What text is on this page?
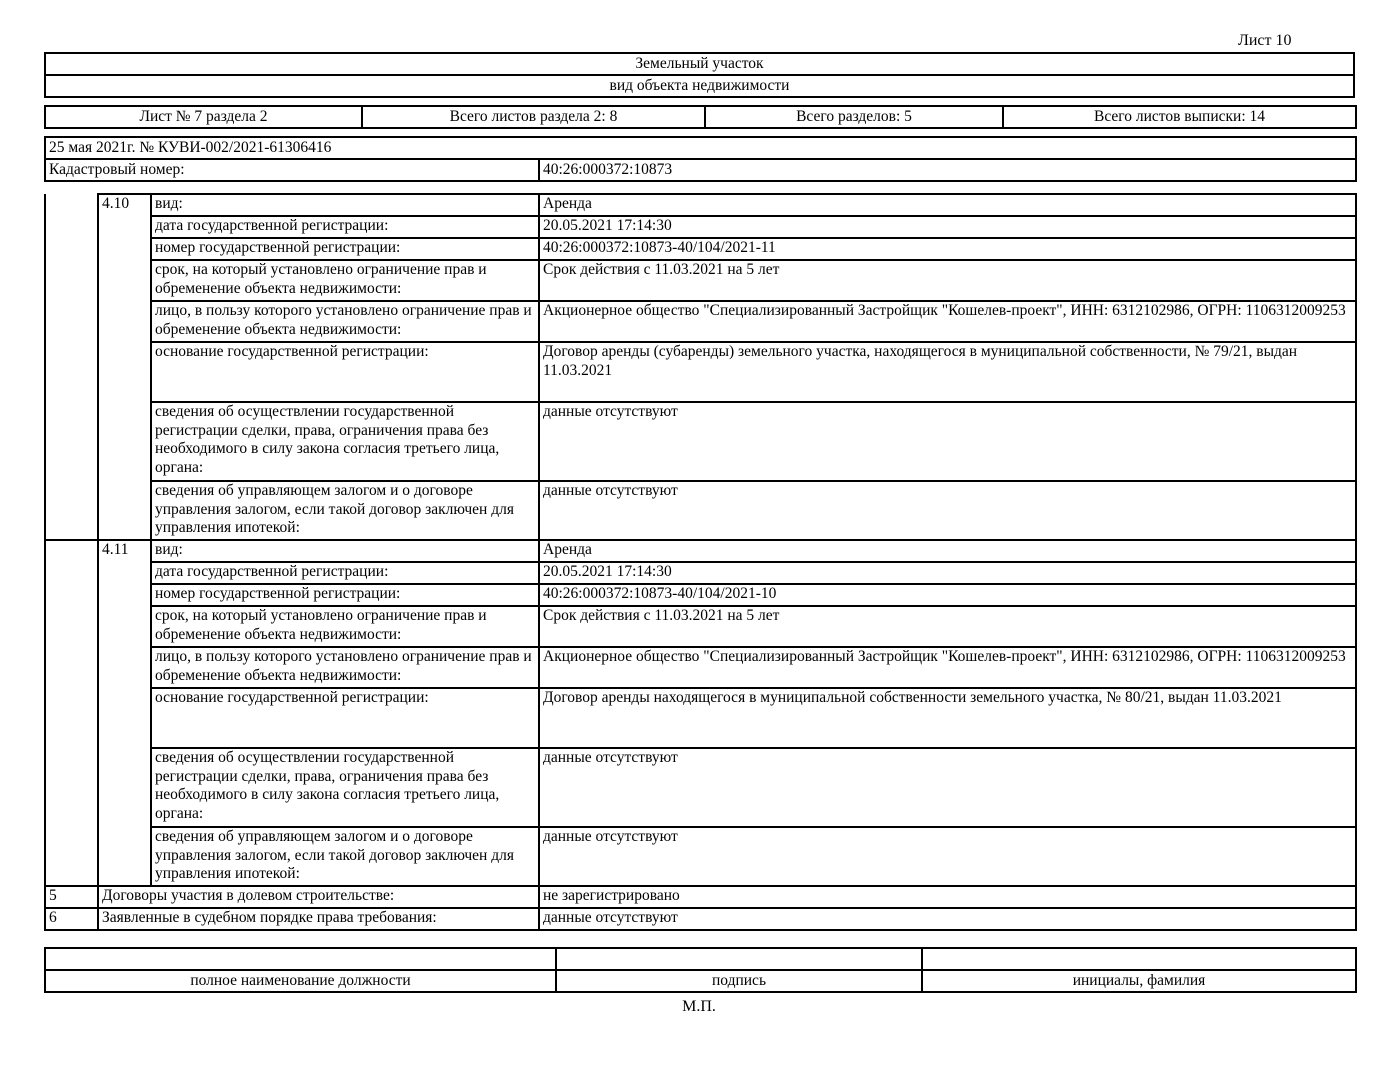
Лист 10
Земельный участок
вид объекта недвижимости
Лист № 7 раздела 2	Всего листов раздела 2: 8	Всего разделов: 5	Всего листов выписки: 14
25 мая 2021г. № КУВИ-002/2021-61306416
Кадастровый номер:	40:26:000372:10873
	4.10	вид:	Аренда
		дата государственной регистрации:	20.05.2021 17:14:30
		номер государственной регистрации:	40:26:000372:10873-40/104/2021-11
		срок, на который установлено ограничение прав и обременение объекта недвижимости:	Срок действия с 11.03.2021 на 5 лет
		лицо, в пользу которого установлено ограничение прав и обременение объекта недвижимости:	Акционерное общество "Специализированный Застройщик "Кошелев-проект", ИНН: 6312102986, ОГРН: 1106312009253
		основание государственной регистрации:	Договор аренды (субаренды) земельного участка, находящегося в муниципальной собственности, № 79/21, выдан 11.03.2021
		сведения об осуществлении государственной регистрации сделки, права, ограничения права без необходимого в силу закона согласия третьего лица, органа:	данные отсутствуют
		сведения об управляющем залогом и о договоре управления залогом, если такой договор заключен для управления ипотекой:	данные отсутствуют
	4.11	вид:	Аренда
		дата государственной регистрации:	20.05.2021 17:14:30
		номер государственной регистрации:	40:26:000372:10873-40/104/2021-10
		срок, на который установлено ограничение прав и обременение объекта недвижимости:	Срок действия с 11.03.2021 на 5 лет
		лицо, в пользу которого установлено ограничение прав и обременение объекта недвижимости:	Акционерное общество "Специализированный Застройщик "Кошелев-проект", ИНН: 6312102986, ОГРН: 1106312009253
		основание государственной регистрации:	Договор аренды находящегося в муниципальной собственности земельного участка, № 80/21, выдан 11.03.2021
		сведения об осуществлении государственной регистрации сделки, права, ограничения права без необходимого в силу закона согласия третьего лица, органа:	данные отсутствуют
		сведения об управляющем залогом и о договоре управления залогом, если такой договор заключен для управления ипотекой:	данные отсутствуют
5	Договоры участия в долевом строительстве:		не зарегистрировано
6	Заявленные в судебном порядке права требования:		данные отсутствуют

полное наименование должности	подпись	инициалы, фамилия
М.П.
